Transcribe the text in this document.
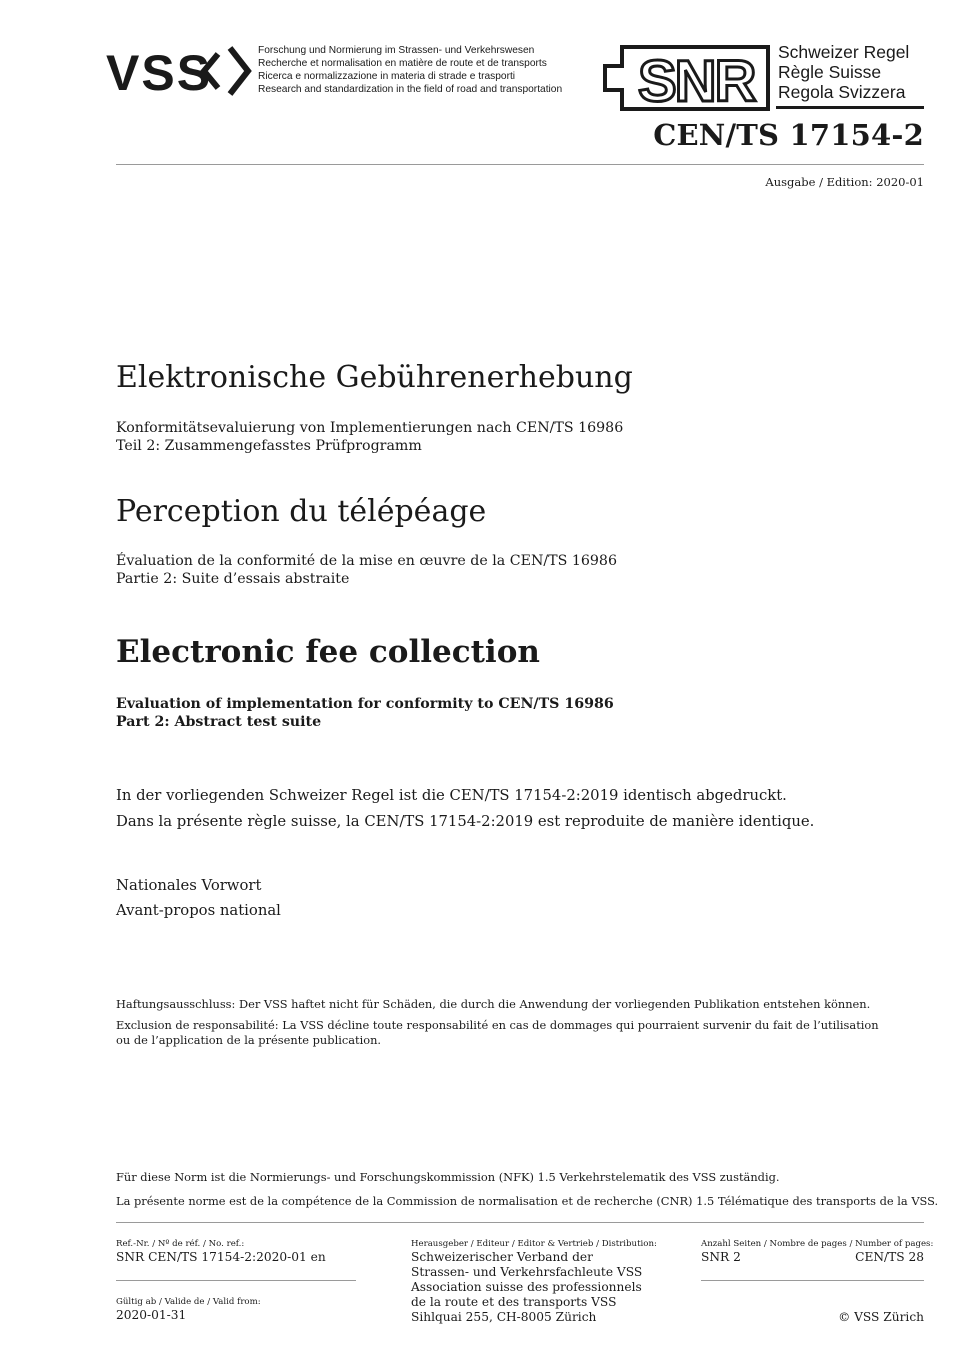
VSS	Forschung und Normierung im Strassen- und Verkehrswesen
Recherche et normalisation en matière de route et de transports
Ricerca e normalizzazione in materia di strade e trasporti
Research and standardization in the field of road and transportation SNR Schweizer Regel
Règle Suisse
Regola Svizzera
CEN/TS 17154-2
Ausgabe / Edition: 2020-01
Elektronische Gebührenerhebung
Konformitätsevaluierung von Implementierungen nach CEN/TS 16986
Teil 2: Zusammengefasstes Prüfprogramm
Perception du télépéage
Évaluation de la conformité de la mise en œuvre de la CEN/TS 16986
Partie 2: Suite d’essais abstraite
Electronic fee collection
Evaluation of implementation for conformity to CEN/TS 16986
Part 2: Abstract test suite
In der vorliegenden Schweizer Regel ist die CEN/TS 17154-2:2019 identisch abgedruckt.
Dans la présente règle suisse, la CEN/TS 17154-2:2019 est reproduite de manière identique.
Nationales Vorwort
Avant-propos national
Haftungsausschluss: Der VSS haftet nicht für Schäden, die durch die Anwendung der vorliegenden Publikation entstehen können.
Exclusion de responsabilité: La VSS décline toute responsabilité en cas de dommages qui pourraient survenir du fait de l’utilisation
ou de l’application de la présente publication.
Für diese Norm ist die Normierungs- und Forschungskommission (NFK) 1.5 Verkehrstelematik des VSS zuständig.
La présente norme est de la compétence de la Commission de normalisation et de recherche (CNR) 1.5 Télématique des transports de la VSS.
Ref.-Nr. / Nº de réf. / No. ref.:
SNR CEN/TS 17154-2:2020-01 en
Gültig ab / Valide de / Valid from:
2020-01-31
Herausgeber / Editeur / Editor & Vertrieb / Distribution:
Schweizerischer Verband der
Strassen- und Verkehrsfachleute VSS
Association suisse des professionnels
de la route et des transports VSS
Sihlquai 255, CH-8005 Zürich
Anzahl Seiten / Nombre de pages / Number of pages:
SNR 2	CEN/TS 28
© VSS Zürich
